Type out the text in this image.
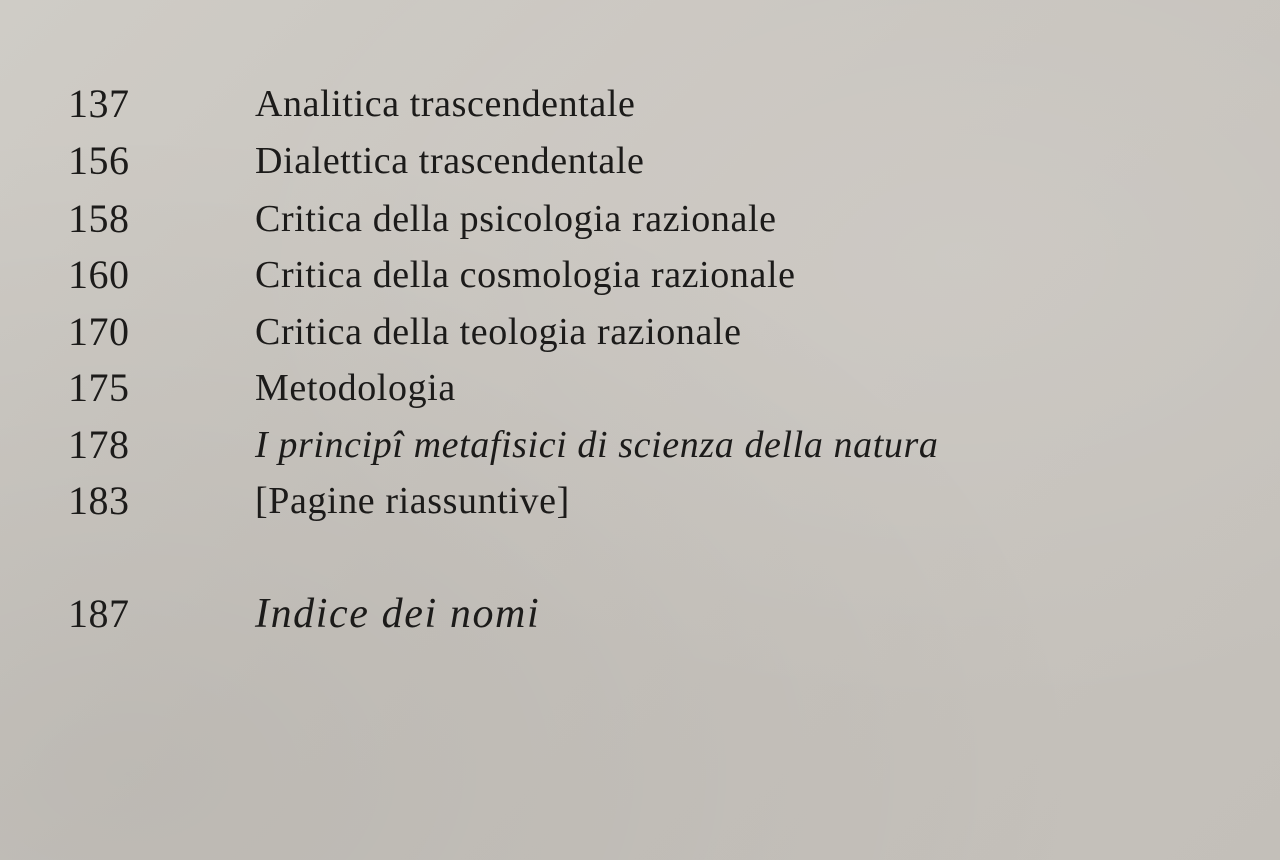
137	Analitica trascendentale
156	Dialettica trascendentale
158	Critica della psicologia razionale
160	Critica della cosmologia razionale
170	Critica della teologia razionale
175	Metodologia
178	I principî metafisici di scienza della natura
183	[Pagine riassuntive]
187	Indice dei nomi
